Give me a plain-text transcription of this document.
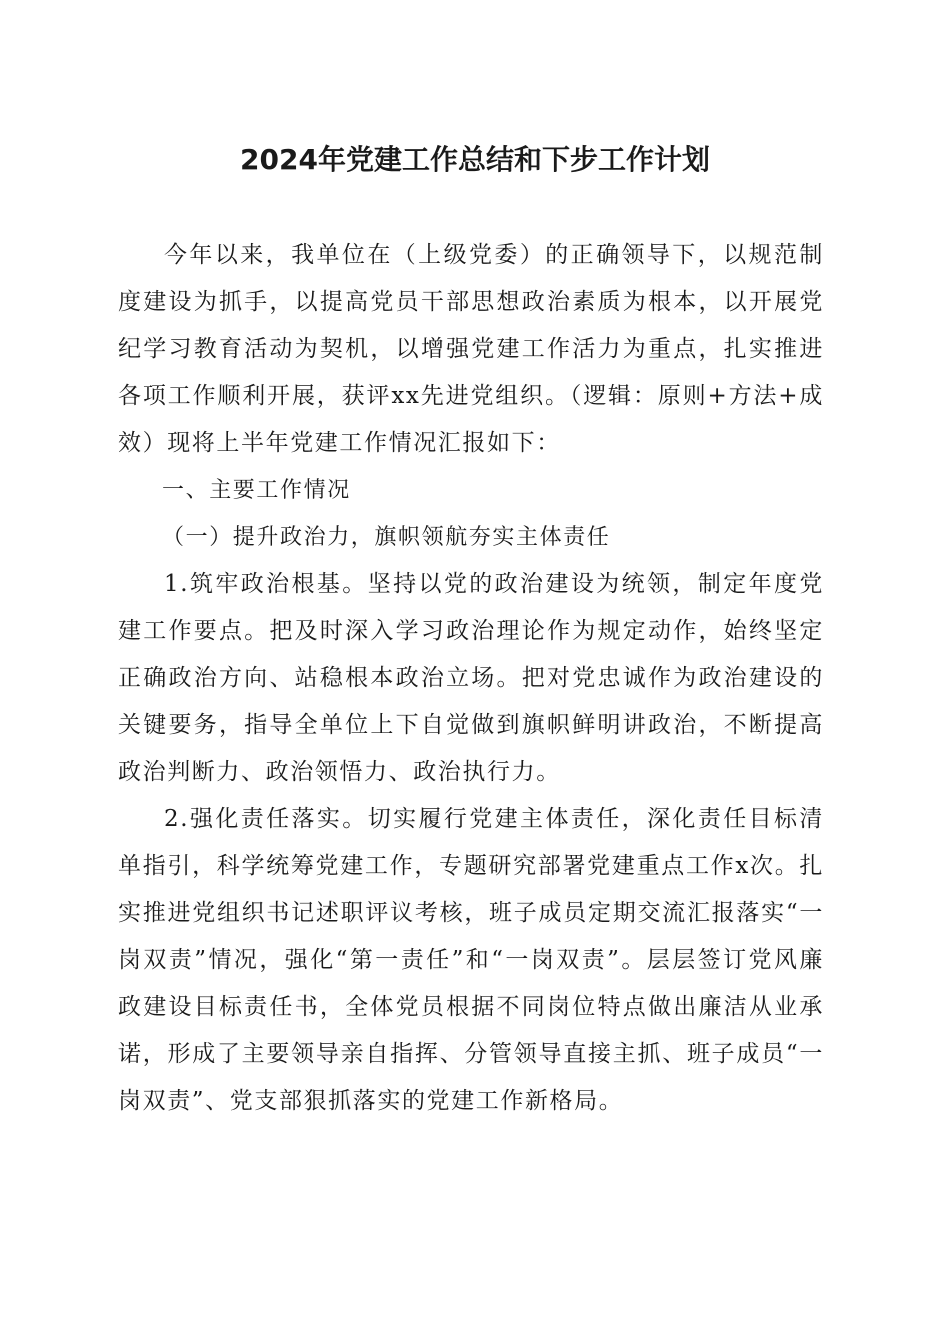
2024年党建工作总结和下步工作计划

今年以来，我单位在（上级党委）的正确领导下，以规范制度建设为抓手，以提高党员干部思想政治素质为根本，以开展党纪学习教育活动为契机，以增强党建工作活力为重点，扎实推进各项工作顺利开展，获评xx先进党组织。（逻辑：原则+方法+成效）现将上半年党建工作情况汇报如下：

一、主要工作情况

（一）提升政治力，旗帜领航夯实主体责任

1.筑牢政治根基。坚持以党的政治建设为统领，制定年度党建工作要点。把及时深入学习政治理论作为规定动作，始终坚定正确政治方向、站稳根本政治立场。把对党忠诚作为政治建设的关键要务，指导全单位上下自觉做到旗帜鲜明讲政治，不断提高政治判断力、政治领悟力、政治执行力。

2.强化责任落实。切实履行党建主体责任，深化责任目标清单指引，科学统筹党建工作，专题研究部署党建重点工作x次。扎实推进党组织书记述职评议考核，班子成员定期交流汇报落实“一岗双责”情况，强化“第一责任”和“一岗双责”。层层签订党风廉政建设目标责任书，全体党员根据不同岗位特点做出廉洁从业承诺，形成了主要领导亲自指挥、分管领导直接主抓、班子成员“一岗双责”、党支部狠抓落实的党建工作新格局。
